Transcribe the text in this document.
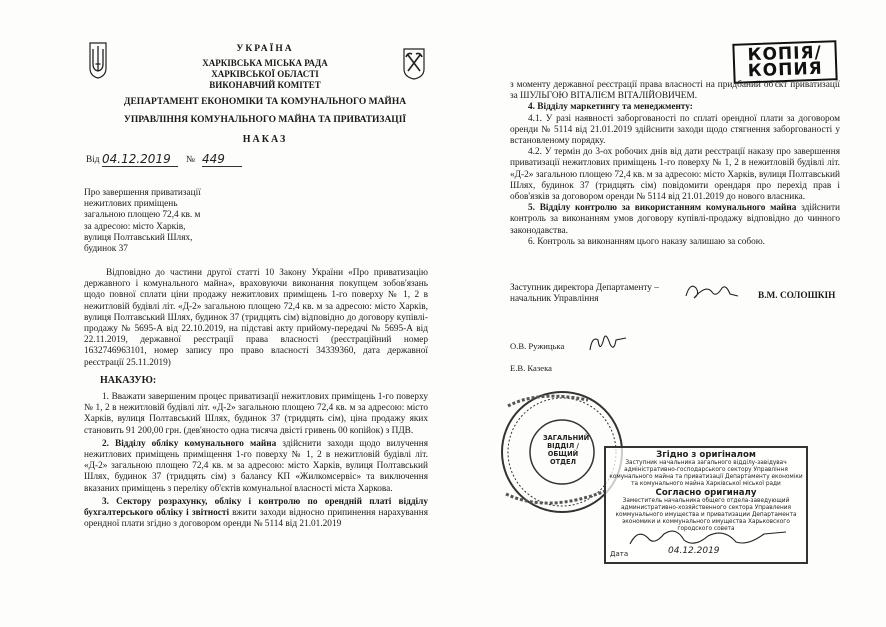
УКРАЇНА
ХАРКІВСЬКА МІСЬКА РАДА
ХАРКІВСЬКОЇ ОБЛАСТІ
ВИКОНАВЧИЙ КОМІТЕТ
ДЕПАРТАМЕНТ ЕКОНОМІКИ ТА КОМУНАЛЬНОГО МАЙНА
УПРАВЛІННЯ КОМУНАЛЬНОГО МАЙНА ТА ПРИВАТИЗАЦІЇ
НАКАЗ
Від 04.12.2019	№ 449
Про завершення приватизації
нежитлових приміщень
загальною площею 72,4 кв. м
за адресою: місто Харків,
вулиця Полтавський Шлях,
будинок 37
Відповідно до частини другої статті 10 Закону України «Про приватизацію державного і комунального майна», враховуючи виконання покупцем зобов'язань щодо повної сплати ціни продажу нежитлових приміщень 1-го поверху № 1, 2 в нежитловій будівлі літ. «Д-2» загальною площею 72,4 кв. м за адресою: місто Харків, вулиця Полтавський Шлях, будинок 37 (тридцять сім) відповідно до договору купівлі-продажу № 5695-А від 22.10.2019, на підставі акту прийому-передачі № 5695-А від 22.11.2019, державної реєстрації права власності (реєстраційний номер 1632746963101, номер запису про право власності 34339360, дата державної реєстрації 25.11.2019)
НАКАЗУЮ:
1. Вважати завершеним процес приватизації нежитлових приміщень 1-го поверху № 1, 2 в нежитловій будівлі літ. «Д-2» загальною площею 72,4 кв. м за адресою: місто Харків, вулиця Полтавський Шлях, будинок 37 (тридцять сім), ціна продажу яких становить 91 200,00 грн. (дев'яносто одна тисяча двісті гривень 00 копійок) з ПДВ.
2. Відділу обліку комунального майна здійснити заходи щодо вилучення нежитлових приміщень приміщення 1-го поверху № 1, 2 в нежитловій будівлі літ. «Д-2» загальною площею 72,4 кв. м за адресою: місто Харків, вулиця Полтавський Шлях, будинок 37 (тридцять сім) з балансу КП «Жилкомсервіс» та виключення вказаних приміщень з переліку об'єктів комунальної власності міста Харкова.
3. Сектору розрахунку, обліку і контролю по орендній платі відділу бухгалтерського обліку і звітності вжити заходи відносно припинення нарахування орендної плати згідно з договором оренди № 5114 від 21.01.2019
КОПІЯ/
КОПИЯ
з моменту державної реєстрації права власності на придбаний об'єкт приватизації за ШУЛЬГОЮ ВІТАЛІЄМ ВІТАЛІЙОВИЧЕМ.
4. Відділу маркетингу та менеджменту:
4.1. У разі наявності заборгованості по сплаті орендної плати за договором оренди № 5114 від 21.01.2019 здійснити заходи щодо стягнення заборгованості у встановленому порядку.
4.2. У термін до 3-ох робочих днів від дати реєстрації наказу про завершення приватизації нежитлових приміщень 1-го поверху № 1, 2 в нежитловій будівлі літ. «Д-2» загальною площею 72,4 кв. м за адресою: місто Харків, вулиця Полтавський Шлях, будинок 37 (тридцять сім) повідомити орендаря про перехід прав і обов'язків за договором оренди № 5114 від 21.01.2019 до нового власника.
5. Відділу контролю за використанням комунального майна здійснити контроль за виконанням умов договору купівлі-продажу відповідно до чинного законодавства.
6. Контроль за виконанням цього наказу залишаю за собою.
Заступник директора Департаменту –
начальник Управління	В.М. СОЛОШКІН
О.В. Ружицька
Е.В. Казека
ЗАГАЛЬНИЙ
ВІДДІЛ /
ОБЩИЙ ОТДЕЛ
Згідно з оригіналом
Заступник начальника загального відділу-завідувач адміністративно-господарського сектору Управління комунального майна та приватизації Департаменту економіки та комунального майна Харківської міської ради
Согласно оригиналу
Заместитель начальника общего отдела-заведующий административно-хозяйственного сектора Управления коммунального имущества и приватизации Департамента экономики и коммунального имущества Харьковского городского совета
Дата	04.12.2019
